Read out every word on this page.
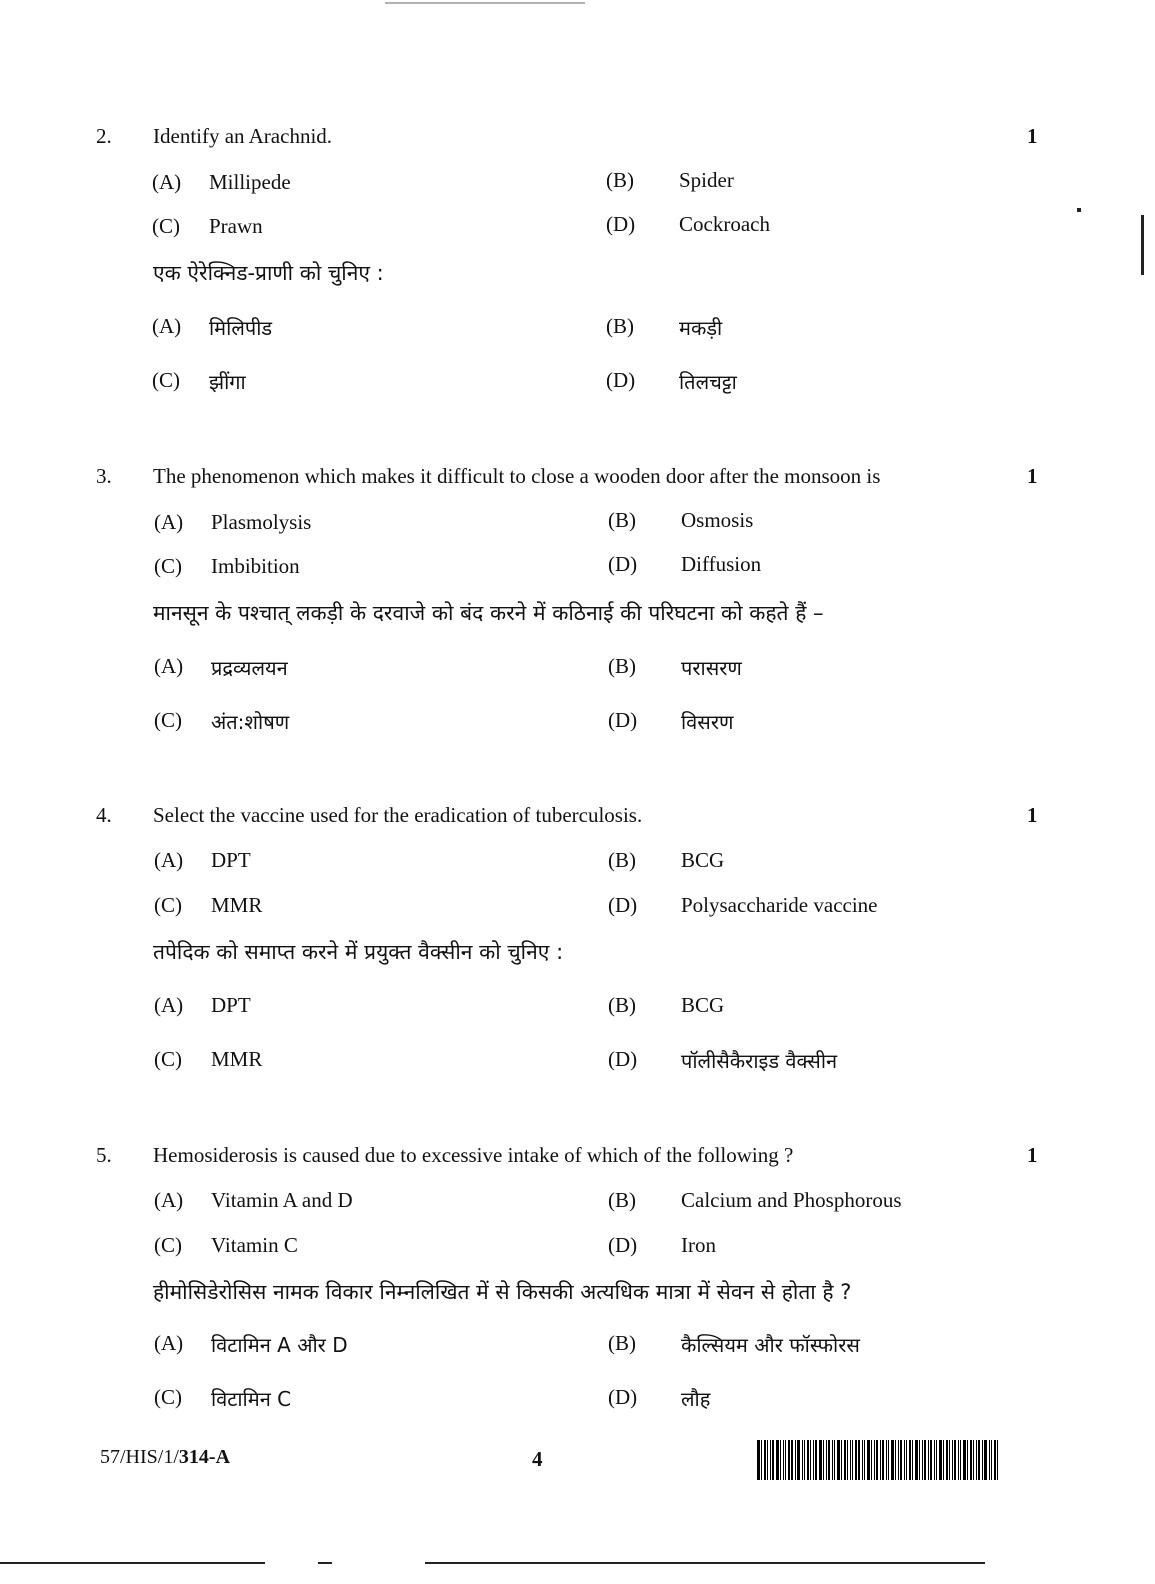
2. Identify an Arachnid.	1
(A) Millipede	(B) Spider
(C) Prawn	(D) Cockroach
एक ऐरेक्निड-प्राणी को चुनिए :
(A) मिलिपीड	(B) मकड़ी
(C) झींगा	(D) तिलचट्टा
3. The phenomenon which makes it difficult to close a wooden door after the monsoon is	1
(A) Plasmolysis	(B) Osmosis
(C) Imbibition	(D) Diffusion
मानसून के पश्चात् लकड़ी के दरवाजे को बंद करने में कठिनाई की परिघटना को कहते हैं –
(A) प्रद्रव्यलयन	(B) परासरण
(C) अंत:शोषण	(D) विसरण
4. Select the vaccine used for the eradication of tuberculosis.	1
(A) DPT	(B) BCG
(C) MMR	(D) Polysaccharide vaccine
तपेदिक को समाप्त करने में प्रयुक्त वैक्सीन को चुनिए :
(A) DPT	(B) BCG
(C) MMR	(D) पॉलीसैकैराइड वैक्सीन
5. Hemosiderosis is caused due to excessive intake of which of the following ?	1
(A) Vitamin A and D	(B) Calcium and Phosphorous
(C) Vitamin C	(D) Iron
हीमोसिडेरोसिस नामक विकार निम्नलिखित में से किसकी अत्यधिक मात्रा में सेवन से होता है ?
(A) विटामिन A और D	(B) कैल्सियम और फॉस्फोरस
(C) विटामिन C	(D) लौह
57/HIS/1/314-A	4
